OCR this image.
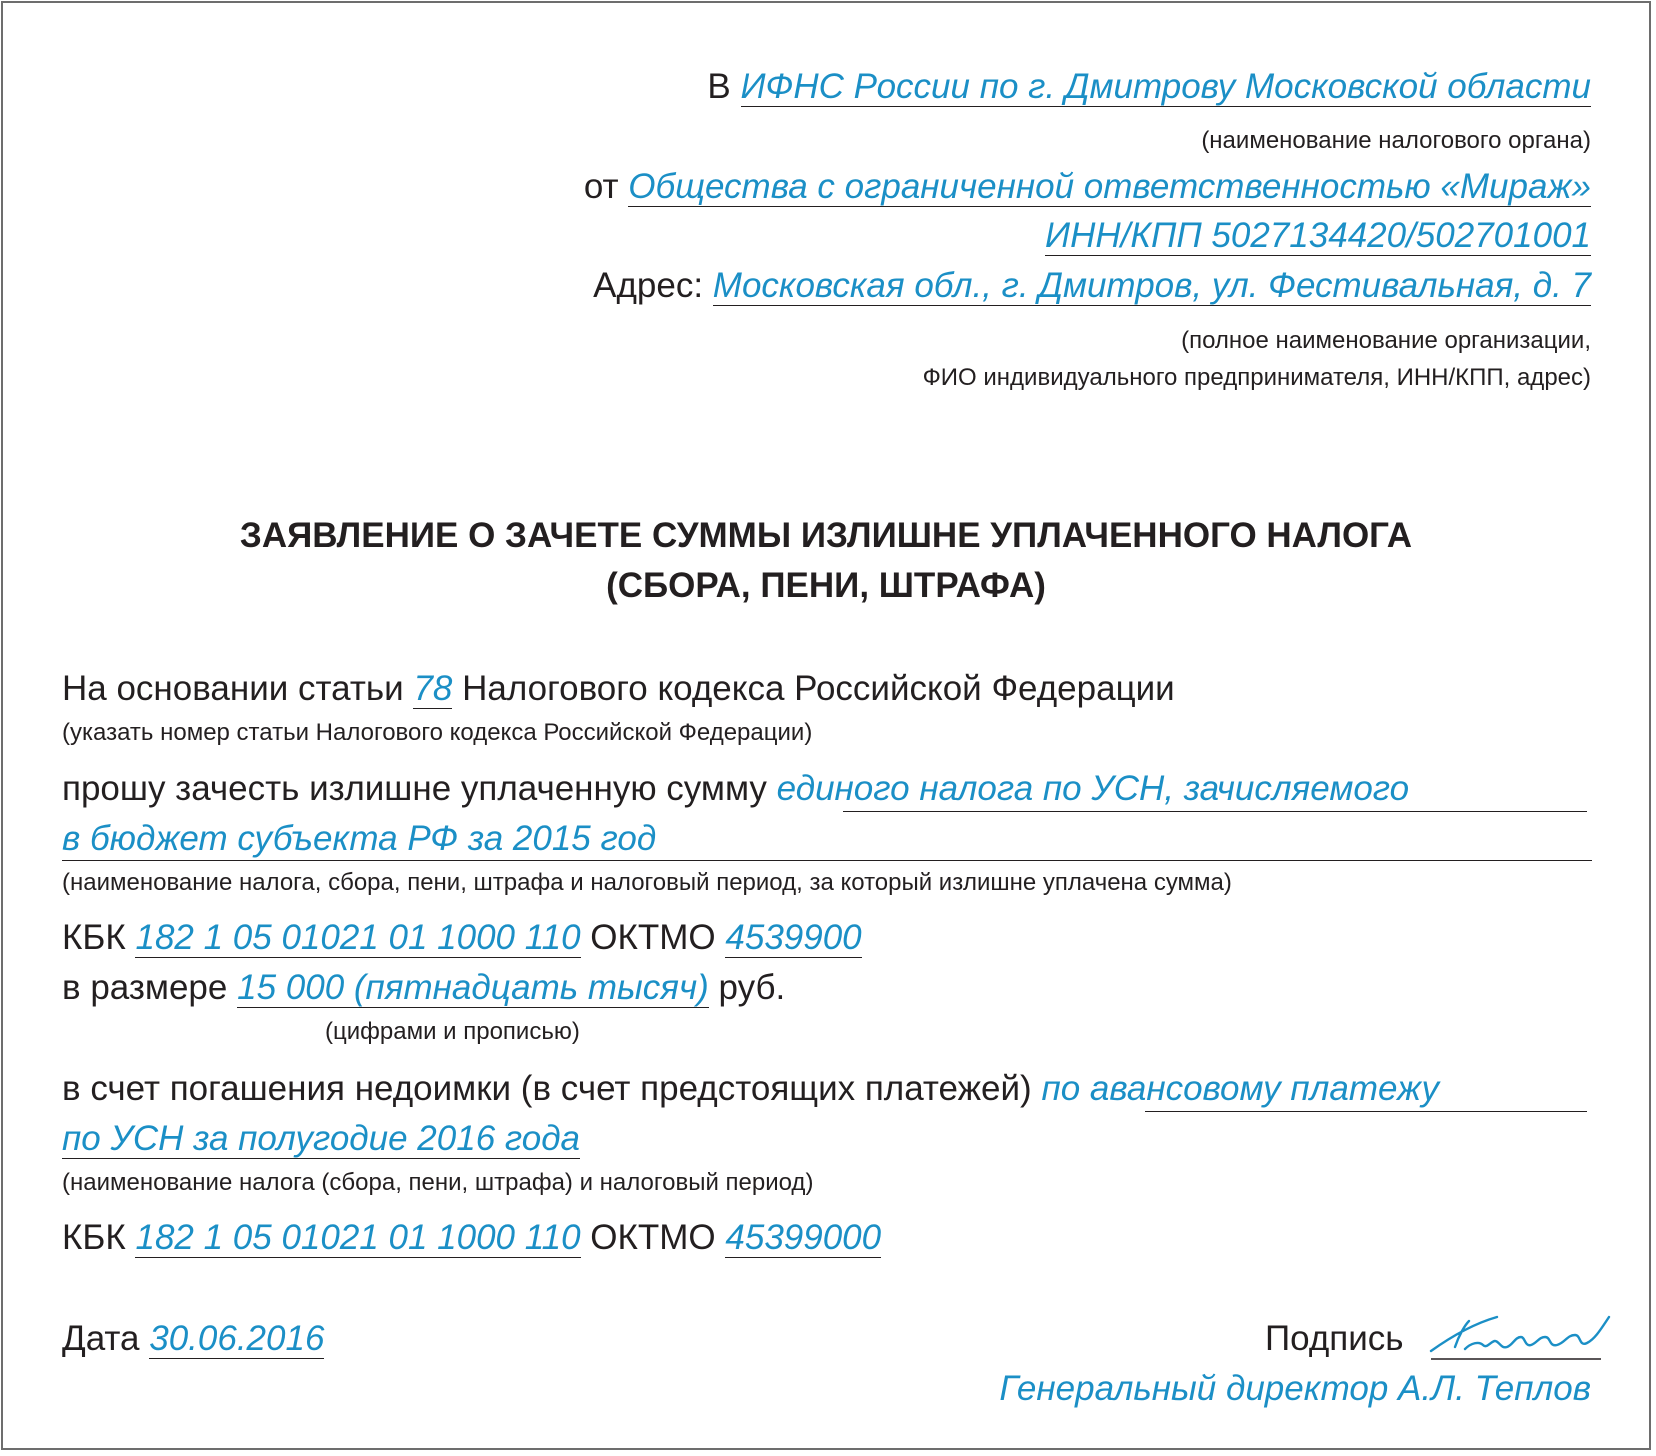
В ИФНС России по г. Дмитрову Московской области
(наименование налогового органа)
от Общества с ограниченной ответственностью «Мираж»
ИНН/КПП 5027134420/502701001
Адрес: Московская обл., г. Дмитров, ул. Фестивальная, д. 7
(полное наименование организации,
ФИО индивидуального предпринимателя, ИНН/КПП, адрес)
ЗАЯВЛЕНИЕ О ЗАЧЕТЕ СУММЫ ИЗЛИШНЕ УПЛАЧЕННОГО НАЛОГА
(СБОРА, ПЕНИ, ШТРАФА)
На основании статьи 78 Налогового кодекса Российской Федерации
(указать номер статьи Налогового кодекса Российской Федерации)
прошу зачесть излишне уплаченную сумму единого налога по УСН, зачисляемого
в бюджет субъекта РФ за 2015 год
(наименование налога, сбора, пени, штрафа и налоговый период, за который излишне уплачена сумма)
КБК 182 1 05 01021 01 1000 110 ОКТМО 4539900
в размере 15 000 (пятнадцать тысяч) руб.
(цифрами и прописью)
в счет погашения недоимки (в счет предстоящих платежей) по авансовому платежу
по УСН за полугодие 2016 года
(наименование налога (сбора, пени, штрафа) и налоговый период)
КБК 182 1 05 01021 01 1000 110 ОКТМО 45399000
Дата 30.06.2016	Подпись
Генеральный директор А.Л. Теплов
